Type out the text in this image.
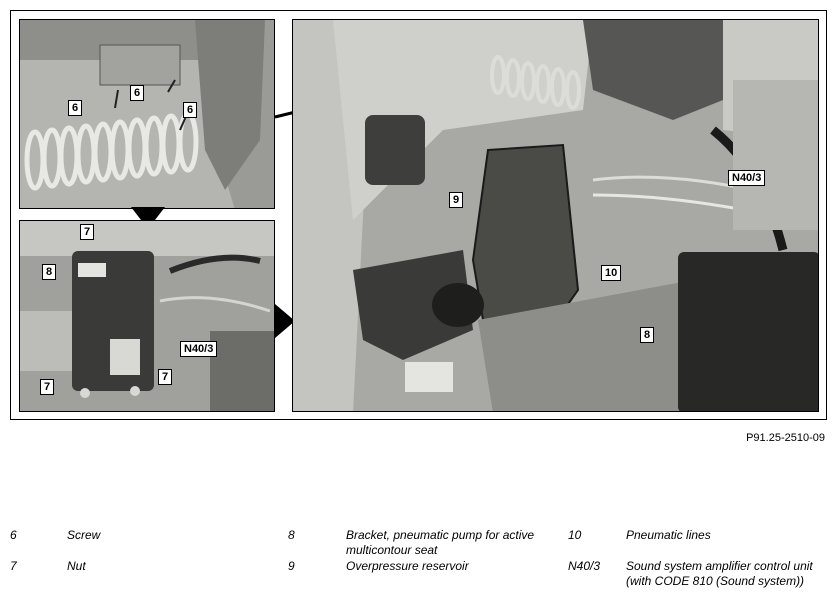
6
6
6
7
8
N40/3
7
7
9
N40/3
10
8
P91.25-2510-09
6	Screw
7	Nut
8	Bracket, pneumatic pump for active multicontour seat
9	Overpressure reservoir
10	Pneumatic lines
N40/3 Sound system amplifier control unit (with CODE 810 (Sound system))
